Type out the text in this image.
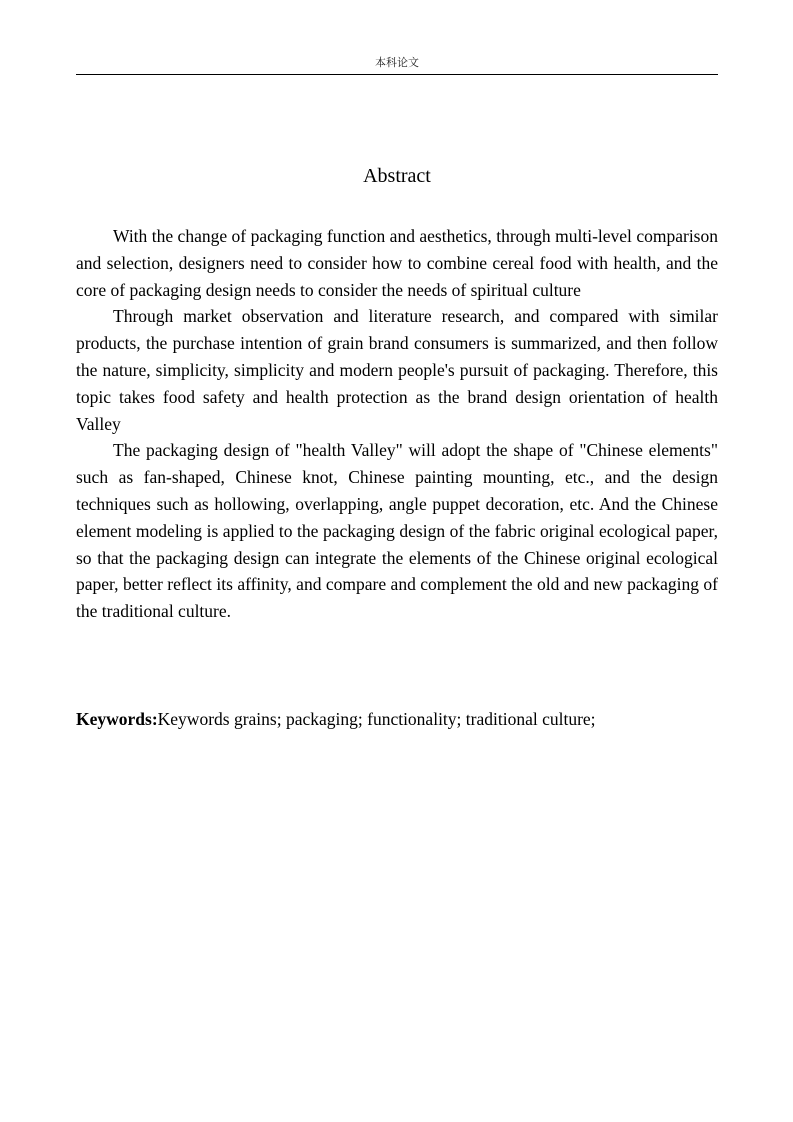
本科论文
Abstract

With the change of packaging function and aesthetics, through multi-level comparison and selection, designers need to consider how to combine cereal food with health, and the core of packaging design needs to consider the needs of spiritual culture

Through market observation and literature research, and compared with similar products, the purchase intention of grain brand consumers is summarized, and then follow the nature, simplicity, simplicity and modern people's pursuit of packaging. Therefore, this topic takes food safety and health protection as the brand design orientation of health Valley

The packaging design of "health Valley" will adopt the shape of "Chinese elements" such as fan-shaped, Chinese knot, Chinese painting mounting, etc., and the design techniques such as hollowing, overlapping, angle puppet decoration, etc. And the Chinese element modeling is applied to the packaging design of the fabric original ecological paper, so that the packaging design can integrate the elements of the Chinese original ecological paper, better reflect its affinity, and compare and complement the old and new packaging of the traditional culture.

Keywords:Keywords grains; packaging; functionality; traditional culture;
